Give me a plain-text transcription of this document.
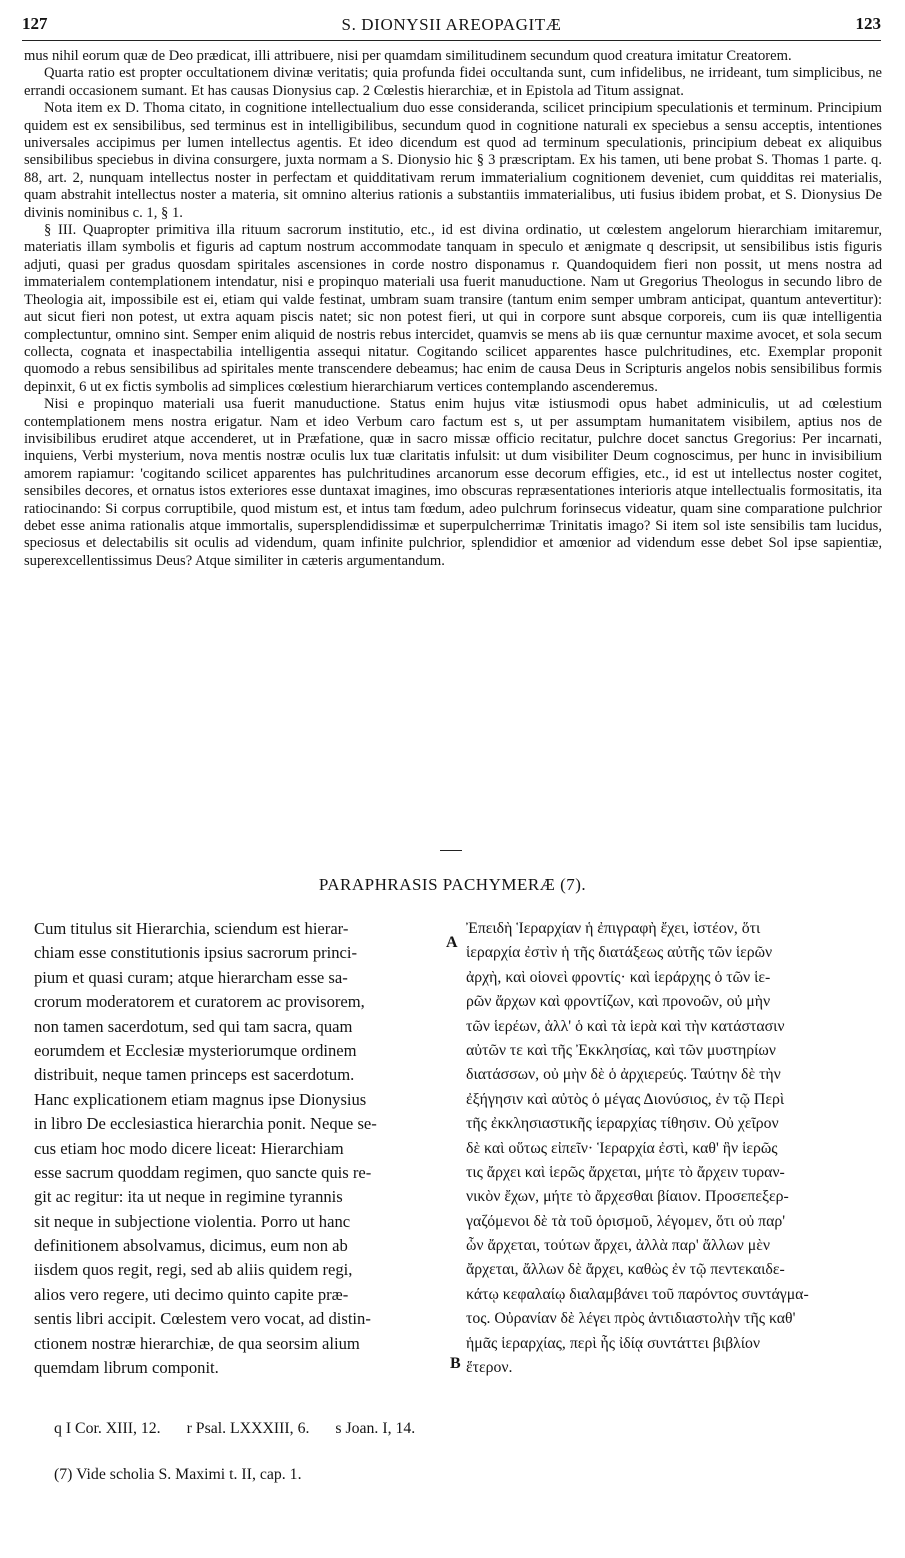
127	S. DIONYSII AREOPAGITÆ	123

mus nihil eorum quæ de Deo prædicat, illi attribuere, nisi per quamdam similitudinem secundum quod creatura imitatur Creatorem.

Quarta ratio est propter occultationem divinæ veritatis; quia profunda fidei occultanda sunt, cum infidelibus, ne irrideant, tum simplicibus, ne errandi occasionem sumant. Et has causas Dionysius cap. 2 Cœlestis hierarchiæ, et in Epistola ad Titum assignat.

Nota item ex D. Thoma citato, in cognitione intellectualium duo esse consideranda, scilicet principium speculationis et terminum. Principium quidem est ex sensibilibus, sed terminus est in intelligibilibus, secundum quod in cognitione naturali ex speciebus a sensu acceptis, intentiones universales accipimus per lumen intellectus agentis. Et ideo dicendum est quod ad terminum speculationis, principium debeat ex aliquibus sensibilibus speciebus in divina consurgere, juxta normam a S. Dionysio hic § 3 præscriptam. Ex his tamen, uti bene probat S. Thomas 1 parte. q. 88, art. 2, nunquam intellectus noster in perfectam et quidditativam rerum immaterialium cognitionem deveniet, cum quidditas rei materialis, quam abstrahit intellectus noster a materia, sit omnino alterius rationis a substantiis immaterialibus, uti fusius ibidem probat, et S. Dionysius De divinis nominibus c. 1, § 1.

§ III. Quapropter primitiva illa rituum sacrorum institutio, etc., id est divina ordinatio, ut cœlestem angelorum hierarchiam imitaremur, materiatis illam symbolis et figuris ad captum nostrum accommodate tanquam in speculo et ænigmate q descripsit, ut sensibilibus istis figuris adjuti, quasi per gradus quosdam spiritales ascensiones in corde nostro disponamus r. Quandoquidem fieri non possit, ut mens nostra ad immaterialem contemplationem intendatur, nisi e propinquo materiali usa fuerit manuductione. Nam ut Gregorius Theologus in secundo libro de Theologia ait, impossibile est ei, etiam qui valde festinat, umbram suam transire (tantum enim semper umbram anticipat, quantum antevertitur): aut sicut fieri non potest, ut extra aquam piscis natet; sic non potest fieri, ut qui in corpore sunt absque corporeis, cum iis quæ intelligentia complectuntur, omnino sint. Semper enim aliquid de nostris rebus intercidet, quamvis se mens ab iis quæ cernuntur maxime avocet, et sola secum collecta, cognata et inaspectabilia intelligentia assequi nitatur. Cogitando scilicet apparentes hasce pulchritudines, etc. Exemplar proponit quomodo a rebus sensibilibus ad spiritales mente transcendere debeamus; hac enim de causa Deus in Scripturis angelos nobis sensibilibus formis depinxit, 6 ut ex fictis symbolis ad simplices cœlestium hierarchiarum vertices contemplando ascenderemus.

Nisi e propinquo materiali usa fuerit manuductione. Status enim hujus vitæ istiusmodi opus habet adminiculis, ut ad cœlestium contemplationem mens nostra erigatur. Nam et ideo Verbum caro factum est s, ut per assumptam humanitatem visibilem, aptius nos de invisibilibus erudiret atque accenderet, ut in Præfatione, quæ in sacro missæ officio recitatur, pulchre docet sanctus Gregorius: Per incarnati, inquiens, Verbi mysterium, nova mentis nostræ oculis lux tuæ claritatis infulsit: ut dum visibiliter Deum cognoscimus, per hunc in invisibilium amorem rapiamur: 'cogitando scilicet apparentes has pulchritudines arcanorum esse decorum effigies, etc., id est ut intellectus noster cogitet, sensibiles decores, et ornatus istos exteriores esse duntaxat imagines, imo obscuras repræsentationes interioris atque intellectualis formositatis, ita ratiocinando: Si corpus corruptibile, quod mistum est, et intus tam fœdum, adeo pulchrum forinsecus videatur, quam sine comparatione pulchrior debet esse anima rationalis atque immortalis, supersplendidissimæ et superpulcherrimæ Trinitatis imago? Si item sol iste sensibilis tam lucidus, speciosus et delectabilis sit oculis ad videndum, quam infinite pulchrior, splendidior et amœnior ad videndum esse debet Sol ipse sapientiæ, superexcellentissimus Deus? Atque similiter in cæteris argumentandum.

PARAPHRASIS PACHYMERÆ (7).
Cum titulus sit Hierarchia, sciendum est hierar-
chiam esse constitutionis ipsius sacrorum princi-
pium et quasi curam; atque hierarcham esse sa-
crorum moderatorem et curatorem ac provisorem,
non tamen sacerdotum, sed qui tam sacra, quam
eorumdem et Ecclesiæ mysteriorumque ordinem
distribuit, neque tamen princeps est sacerdotum.
Hanc explicationem etiam magnus ipse Dionysius
in libro De ecclesiastica hierarchia ponit. Neque se-
cus etiam hoc modo dicere liceat: Hierarchiam
esse sacrum quoddam regimen, quo sancte quis re-
git ac regitur: ita ut neque in regimine tyrannis
sit neque in subjectione violentia. Porro ut hanc
definitionem absolvamus, dicimus, eum non ab
iisdem quos regit, regi, sed ab aliis quidem regi,
alios vero regere, uti decimo quinto capite præ-
sentis libri accipit. Cœlestem vero vocat, ad distin-
ctionem nostræ hierarchiæ, de qua seorsim alium
quemdam librum componit.
A
B
Ἐπειδὴ Ἱεραρχίαν ἡ ἐπιγραφὴ ἔχει, ἰστέον, ὅτι
ἱεραρχία ἐστὶν ἡ τῆς διατάξεως αὐτῆς τῶν ἱερῶν
ἀρχὴ, καὶ οἱονεὶ φροντίς· καὶ ἱεράρχης ὁ τῶν ἱε-
ρῶν ἄρχων καὶ φροντίζων, καὶ προνοῶν, οὐ μὴν
τῶν ἱερέων, ἀλλ' ὁ καὶ τὰ ἱερὰ καὶ τὴν κατάστασιν
αὐτῶν τε καὶ τῆς Ἐκκλησίας, καὶ τῶν μυστηρίων
διατάσσων, οὐ μὴν δὲ ὁ ἀρχιερεύς. Ταύτην δὲ τὴν
ἐξήγησιν καὶ αὐτὸς ὁ μέγας Διονύσιος, ἐν τῷ Περὶ
τῆς ἐκκλησιαστικῆς ἱεραρχίας τίθησιν. Οὐ χεῖρον
δὲ καὶ οὕτως εἰπεῖν· Ἱεραρχία ἐστὶ, καθ' ἣν ἱερῶς
τις ἄρχει καὶ ἱερῶς ἄρχεται, μήτε τὸ ἄρχειν τυραν-
νικὸν ἔχων, μήτε τὸ ἄρχεσθαι βίαιον. Προσεπεξερ-
γαζόμενοι δὲ τὰ τοῦ ὁρισμοῦ, λέγομεν, ὅτι οὐ παρ'
ὧν ἄρχεται, τούτων ἄρχει, ἀλλὰ παρ' ἄλλων μὲν
ἄρχεται, ἄλλων δὲ ἄρχει, καθὼς ἐν τῷ πεντεκαιδε-
κάτῳ κεφαλαίῳ διαλαμβάνει τοῦ παρόντος συντάγμα-
τος. Οὐρανίαν δὲ λέγει πρὸς ἀντιδιαστολὴν τῆς καθ'
ἡμᾶς ἱεραρχίας, περὶ ἧς ἰδίᾳ συντάττει βιβλίον
ἕτερον.
q I Cor. XIII, 12. r Psal. LXXXIII, 6. s Joan. I, 14.
(7) Vide scholia S. Maximi t. II, cap. 1.
